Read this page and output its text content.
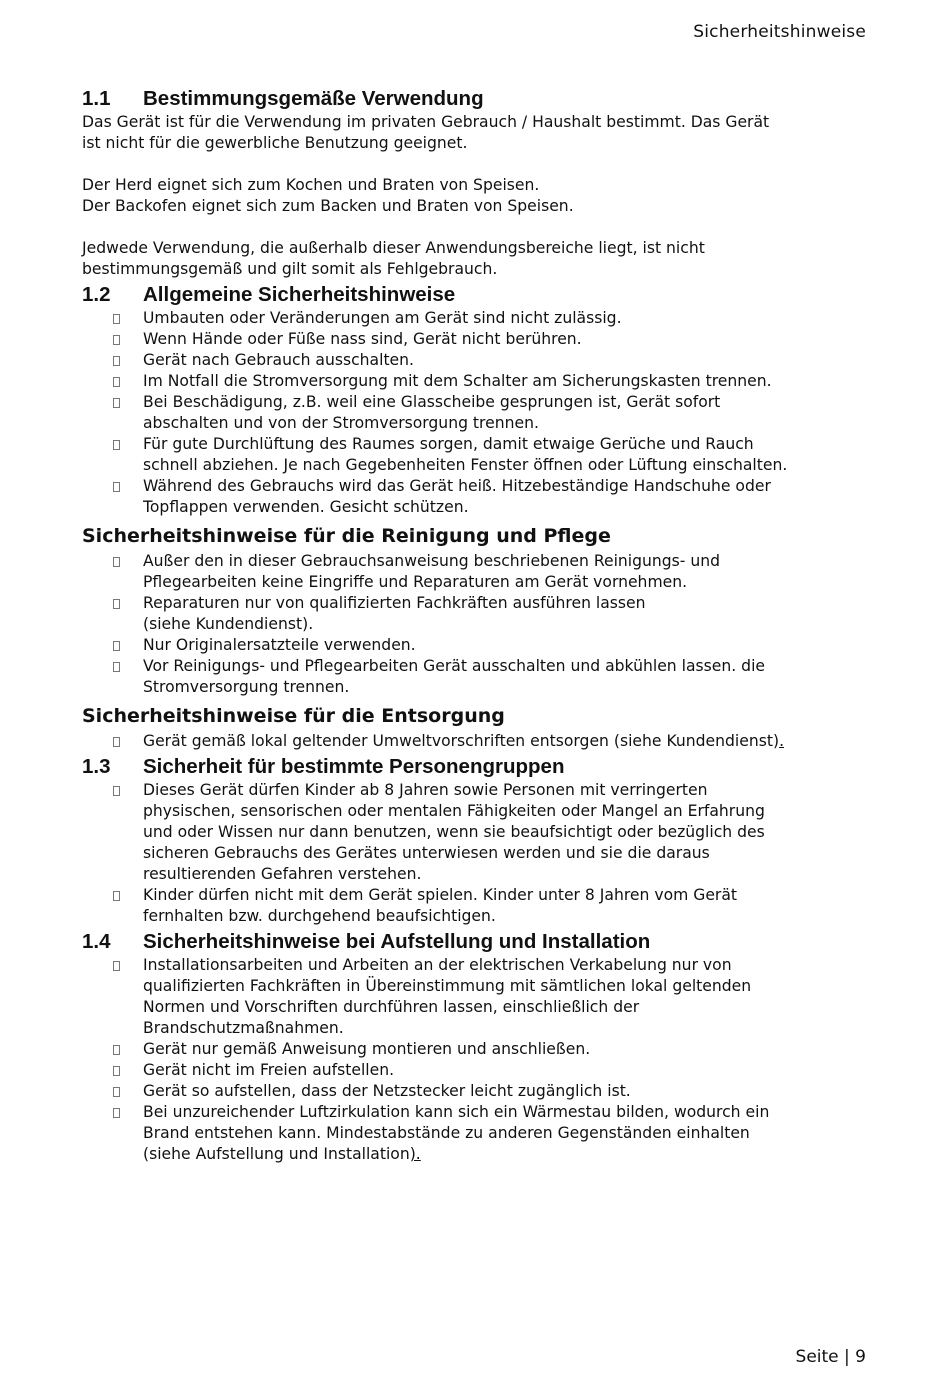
Sicherheitshinweise
1.1	Bestimmungsgemäße Verwendung

Das Gerät ist für die Verwendung im privaten Gebrauch / Haushalt bestimmt. Das Gerät
ist nicht für die gewerbliche Benutzung geeignet.

Der Herd eignet sich zum Kochen und Braten von Speisen.
Der Backofen eignet sich zum Backen und Braten von Speisen.

Jedwede Verwendung, die außerhalb dieser Anwendungsbereiche liegt, ist nicht
bestimmungsgemäß und gilt somit als Fehlgebrauch.

1.2	Allgemeine Sicherheitshinweise
Umbauten oder Veränderungen am Gerät sind nicht zulässig.
Wenn Hände oder Füße nass sind, Gerät nicht berühren.
Gerät nach Gebrauch ausschalten.
Im Notfall die Stromversorgung mit dem Schalter am Sicherungskasten trennen.
Bei Beschädigung, z.B. weil eine Glasscheibe gesprungen ist, Gerät sofort
abschalten und von der Stromversorgung trennen.
Für gute Durchlüftung des Raumes sorgen, damit etwaige Gerüche und Rauch
schnell abziehen. Je nach Gegebenheiten Fenster öffnen oder Lüftung einschalten.
Während des Gebrauchs wird das Gerät heiß. Hitzebeständige Handschuhe oder
Topflappen verwenden. Gesicht schützen.
Sicherheitshinweise für die Reinigung und Pflege
Außer den in dieser Gebrauchsanweisung beschriebenen Reinigungs- und
Pflegearbeiten keine Eingriffe und Reparaturen am Gerät vornehmen.
Reparaturen nur von qualifizierten Fachkräften ausführen lassen
(siehe Kundendienst).
Nur Originalersatzteile verwenden.
Vor Reinigungs- und Pflegearbeiten Gerät ausschalten und abkühlen lassen. die
Stromversorgung trennen.
Sicherheitshinweise für die Entsorgung
Gerät gemäß lokal geltender Umweltvorschriften entsorgen (siehe Kundendienst).
1.3	Sicherheit für bestimmte Personengruppen
Dieses Gerät dürfen Kinder ab 8 Jahren sowie Personen mit verringerten
physischen, sensorischen oder mentalen Fähigkeiten oder Mangel an Erfahrung
und oder Wissen nur dann benutzen, wenn sie beaufsichtigt oder bezüglich des
sicheren Gebrauchs des Gerätes unterwiesen werden und sie die daraus
resultierenden Gefahren verstehen.
Kinder dürfen nicht mit dem Gerät spielen. Kinder unter 8 Jahren vom Gerät
fernhalten bzw. durchgehend beaufsichtigen.
1.4	Sicherheitshinweise bei Aufstellung und Installation
Installationsarbeiten und Arbeiten an der elektrischen Verkabelung nur von
qualifizierten Fachkräften in Übereinstimmung mit sämtlichen lokal geltenden
Normen und Vorschriften durchführen lassen, einschließlich der
Brandschutzmaßnahmen.
Gerät nur gemäß Anweisung montieren und anschließen.
Gerät nicht im Freien aufstellen.
Gerät so aufstellen, dass der Netzstecker leicht zugänglich ist.
Bei unzureichender Luftzirkulation kann sich ein Wärmestau bilden, wodurch ein
Brand entstehen kann. Mindestabstände zu anderen Gegenständen einhalten
(siehe Aufstellung und Installation).
Seite | 9
